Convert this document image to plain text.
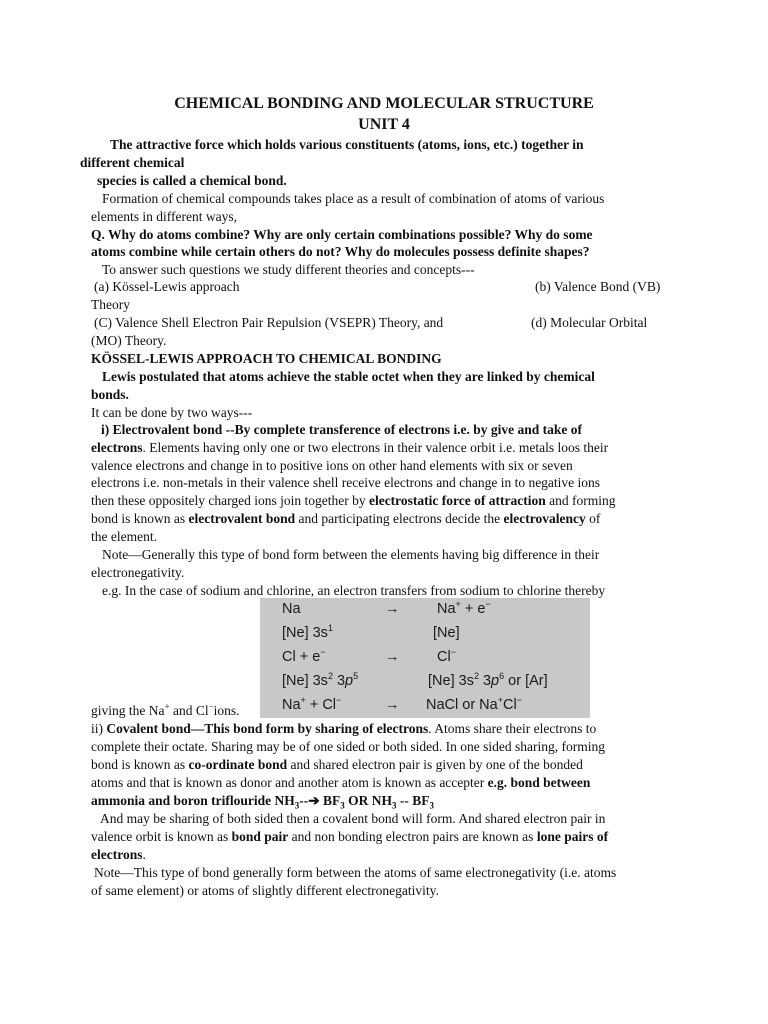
CHEMICAL BONDING AND MOLECULAR STRUCTURE
UNIT 4
The attractive force which holds various constituents (atoms, ions, etc.) together in
different chemical
species is called a chemical bond.
Formation of chemical compounds takes place as a result of combination of atoms of various
elements in different ways,
Q. Why do atoms combine? Why are only certain combinations possible? Why do some
atoms combine while certain others do not? Why do molecules possess definite shapes?
To answer such questions we study different theories and concepts---
(a) Kössel-Lewis approach	(b) Valence Bond (VB)
Theory
(C) Valence Shell Electron Pair Repulsion (VSEPR) Theory, and	(d) Molecular Orbital
(MO) Theory.
KÖSSEL-LEWIS APPROACH TO CHEMICAL BONDING
Lewis postulated that atoms achieve the stable octet when they are linked by chemical
bonds.
It can be done by two ways---
i) Electrovalent bond --By complete transference of electrons i.e. by give and take of
electrons. Elements having only one or two electrons in their valence orbit i.e. metals loos their
valence electrons and change in to positive ions on other hand elements with six or seven
electrons i.e. non-metals in their valence shell receive electrons and change in to negative ions
then these oppositely charged ions join together by electrostatic force of attraction and forming
bond is known as electrovalent bond and participating electrons decide the electrovalency of
the element.
Note—Generally this type of bond form between the elements having big difference in their
electronegativity.
e.g. In the case of sodium and chlorine, an electron transfers from sodium to chlorine thereby
Na	→	Na+ + e−
[Ne] $3s^1$	[Ne]
Cl + e−	→	Cl−
[Ne] $3s^2$ $3p^5$	[Ne] $3s^2$ $3p^6$ or [Ar]
Na+ + Cl−	→ NaCl or Na+Cl−
giving the Na+ and Cl−ions.
ii) Covalent bond—This bond form by sharing of electrons. Atoms share their electrons to
complete their octate. Sharing may be of one sided or both sided. In one sided sharing, forming
bond is known as co-ordinate bond and shared electron pair is given by one of the bonded
atoms and that is known as donor and another atom is known as accepter e.g. bond between
ammonia and boron triflouride $NH_3--➔$ $BF_3$ OR $NH_3 -- BF_3$
And may be sharing of both sided then a covalent bond will form. And shared electron pair in
valence orbit is known as bond pair and non bonding electron pairs are known as lone pairs of
electrons.
Note—This type of bond generally form between the atoms of same electronegativity (i.e. atoms
of same element) or atoms of slightly different electronegativity.
